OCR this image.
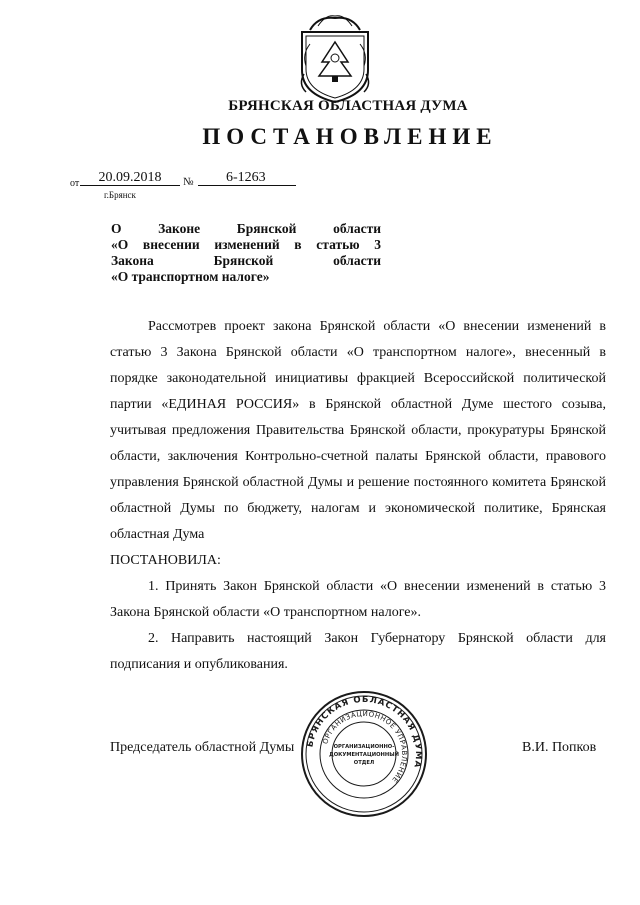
БРЯНСКАЯ ОБЛАСТНАЯ ДУМА
ПОСТАНОВЛЕНИЕ
от	20.09.2018	№	6-1263
г.Брянск
О Законе Брянской области
«О внесении изменений в статью 3
Закона Брянской области
«О транспортном налоге»

Рассмотрев проект закона Брянской области «О внесении изменений в статью 3 Закона Брянской области «О транспортном налоге», внесенный в порядке законодательной инициативы фракцией Всероссийской политической партии «ЕДИНАЯ РОССИЯ» в Брянской областной Думе шестого созыва, учитывая предложения Правительства Брянской области, прокуратуры Брянской области, заключения Контрольно-счетной палаты Брянской области, правового управления Брянской областной Думы и решение постоянного комитета Брянской областной Думы по бюджету, налогам и экономической политике, Брянская областная Дума

ПОСТАНОВИЛА:

1. Принять Закон Брянской области «О внесении изменений в статью 3 Закона Брянской области «О транспортном налоге».

2. Направить настоящий Закон Губернатору Брянской области для подписания и опубликования.

Председатель областной Думы	В.И. Попков
БРЯНСКАЯ ОБЛАСТНАЯ ДУМА
ОРГАНИЗАЦИОННОЕ УПРАВЛЕНИЕ
ОРГАНИЗАЦИОННО-
ДОКУМЕНТАЦИОННЫЙ
ОТДЕЛ
